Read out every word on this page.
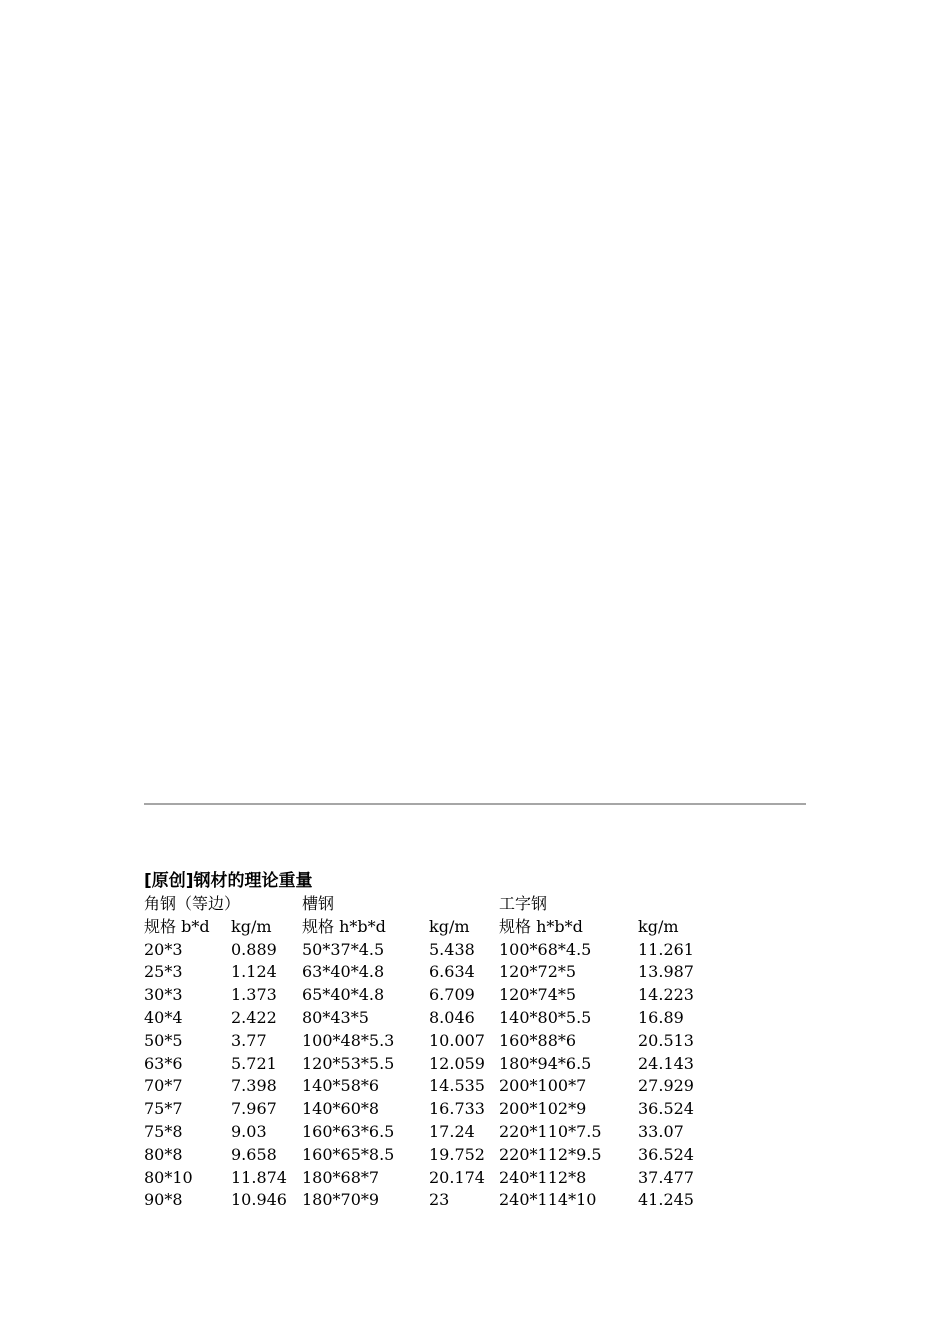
[原创]钢材的理论重量
角钢（等边）		槽钢		工字钢	
规格 b*d	kg/m	规格 h*b*d	kg/m	规格 h*b*d	kg/m
20*3	0.889	50*37*4.5	5.438	100*68*4.5	11.261
25*3	1.124	63*40*4.8	6.634	120*72*5	13.987
30*3	1.373	65*40*4.8	6.709	120*74*5	14.223
40*4	2.422	80*43*5	8.046	140*80*5.5	16.89
50*5	3.77	100*48*5.3	10.007	160*88*6	20.513
63*6	5.721	120*53*5.5	12.059	180*94*6.5	24.143
70*7	7.398	140*58*6	14.535	200*100*7	27.929
75*7	7.967	140*60*8	16.733	200*102*9	36.524
75*8	9.03	160*63*6.5	17.24	220*110*7.5	33.07
80*8	9.658	160*65*8.5	19.752	220*112*9.5	36.524
80*10	11.874	180*68*7	20.174	240*112*8	37.477
90*8	10.946	180*70*9	23	240*114*10	41.245
